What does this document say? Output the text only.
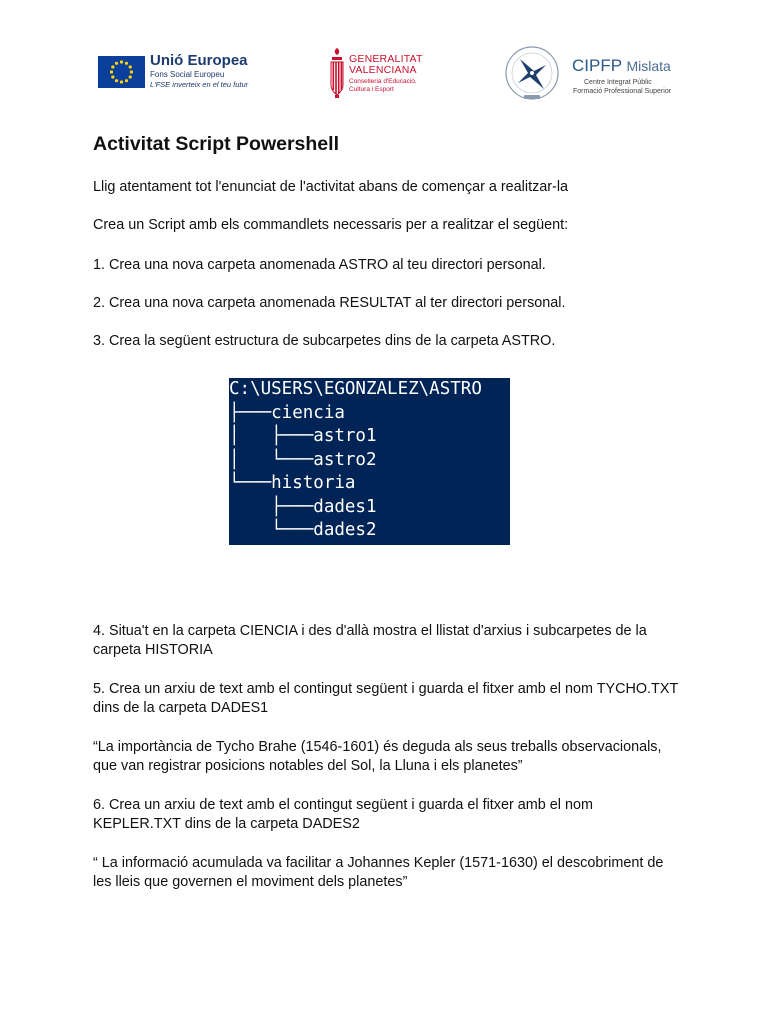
Unió Europea
Fons Social Europeu
L'FSE inverteix en el teu futur
GENERALITAT
VALENCIANA
Conselleria d'Educació,
Cultura i Esport
CIPFP Mislata
Centre Integrat Públic
Formació Professional Superior
Activitat Script Powershell

Llig atentament tot l'enunciat de l'activitat abans de començar a realitzar-la

Crea un Script amb els commandlets necessaris per a realitzar el següent:

1. Crea una nova carpeta anomenada ASTRO al teu directori personal.

2. Crea una nova carpeta anomenada RESULTAT al ter directori personal.

3. Crea la següent estructura de subcarpetes dins de la carpeta ASTRO.

C:\USERS\EGONZALEZ\ASTRO
├───ciencia
│   ├───astro1
│   └───astro2
└───historia
├───dades1
└───dades2

4. Situa't en la carpeta CIENCIA i des d'allà mostra el llistat d'arxius i subcarpetes de la carpeta HISTORIA

5. Crea un arxiu de text amb el contingut següent i guarda el fitxer amb el nom TYCHO.TXT dins de la carpeta DADES1

“La importància de Tycho Brahe (1546-1601) és deguda als seus treballs observacionals, que van registrar posicions notables del Sol, la Lluna i els planetes”

6. Crea un arxiu de text amb el contingut següent i guarda el fitxer amb el nom KEPLER.TXT dins de la carpeta DADES2

“ La informació acumulada va facilitar a Johannes Kepler (1571-1630) el descobriment de les lleis que governen el moviment dels planetes”
